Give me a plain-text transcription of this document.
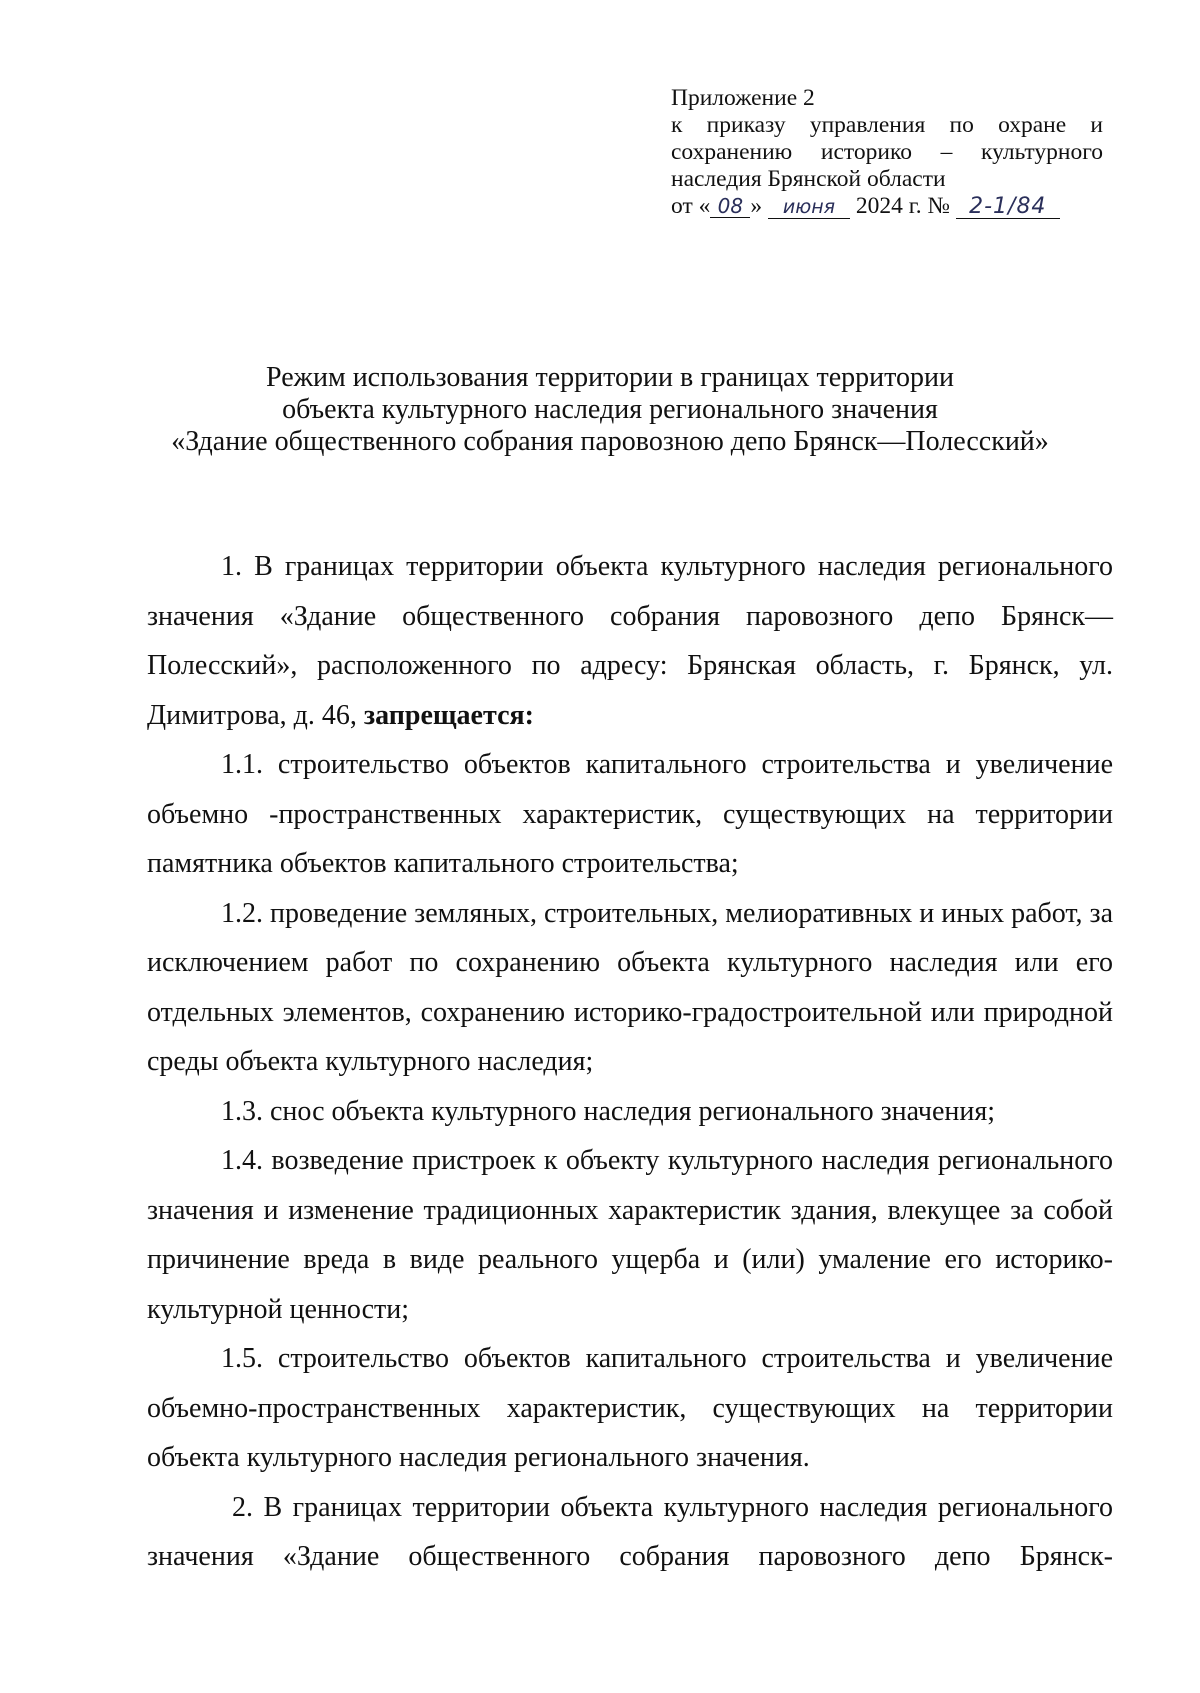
Приложение 2
к приказу управления по охране и
сохранению историко – культурного
наследия Брянской области
от « 08 » июня 2024 г. № 2-1/84
Режим использования территории в границах территории
объекта культурного наследия регионального значения
«Здание общественного собрания паровозною депо Брянск—Полесский»

1. В границах территории объекта культурного наследия регионального значения «Здание общественного собрания паровозного депо Брянск—Полесский», расположенного по адресу: Брянская область, г. Брянск, ул. Димитрова, д. 46, запрещается:

1.1. строительство объектов капитального строительства и увеличение объемно -пространственных характеристик, существующих на территории памятника объектов капитального строительства;

1.2. проведение земляных, строительных, мелиоративных и иных работ, за исключением работ по сохранению объекта культурного наследия или его отдельных элементов, сохранению историко-градостроительной или природной среды объекта культурного наследия;

1.3. снос объекта культурного наследия регионального значения;

1.4. возведение пристроек к объекту культурного наследия регионального значения и изменение традиционных характеристик здания, влекущее за собой причинение вреда в виде реального ущерба и (или) умаление его историко-культурной ценности;

1.5. строительство объектов капитального строительства и увеличение объемно-пространственных характеристик, существующих на территории объекта культурного наследия регионального значения.

2. В границах территории объекта культурного наследия регионального значения «Здание общественного собрания паровозного депо Брянск-
